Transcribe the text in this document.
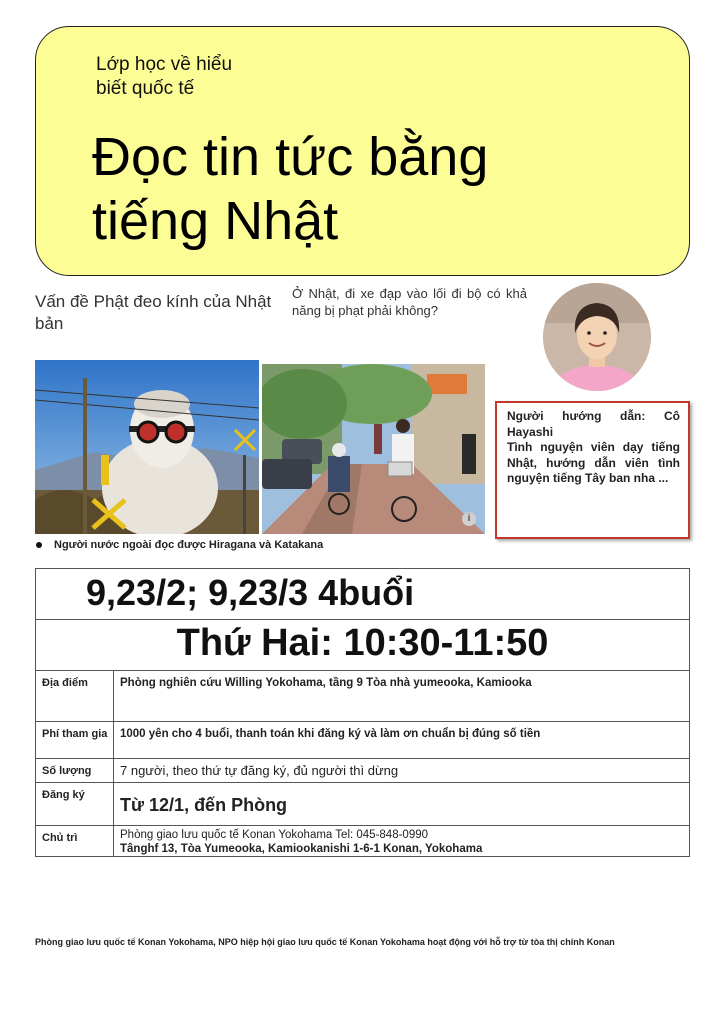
Lớp học về hiểu
biết quốc tế
Đọc tin tức bằng
tiếng Nhật
Vấn đề Phật đeo kính của Nhật bản
Ở Nhật, đi xe đạp vào lối đi bộ có khả năng bị phạt phải không?
i
Người hướng dẫn: Cô Hayashi
Tình nguyện viên dạy tiếng Nhật, hướng dẫn viên tình nguyện tiếng Tây ban nha ...
Người nước ngoài đọc được Hiragana và Katakana
9,23/2; 9,23/3 4buổi	
Thứ Hai: 10:30-11:50	
Địa điểm	Phòng nghiên cứu Willing Yokohama, tầng 9 Tòa nhà yumeooka, Kamiooka
Phí tham gia	1000 yên cho 4 buổi, thanh toán khi đăng ký và làm ơn chuẩn bị đúng số tiền
Số lượng	7 người, theo thứ tự đăng ký, đủ người thì dừng
Đăng ký	Từ 12/1, đến Phòng
Chủ trì	Phòng giao lưu quốc tế Konan Yokohama Tel: 045-848-0990
Tânghf 13, Tòa Yumeooka, Kamiookanishi 1-6-1 Konan, Yokohama
Phòng giao lưu quốc tế Konan Yokohama, NPO hiệp hội giao lưu quốc tế Konan Yokohama hoạt động với hỗ trợ từ tòa thị chính Konan
